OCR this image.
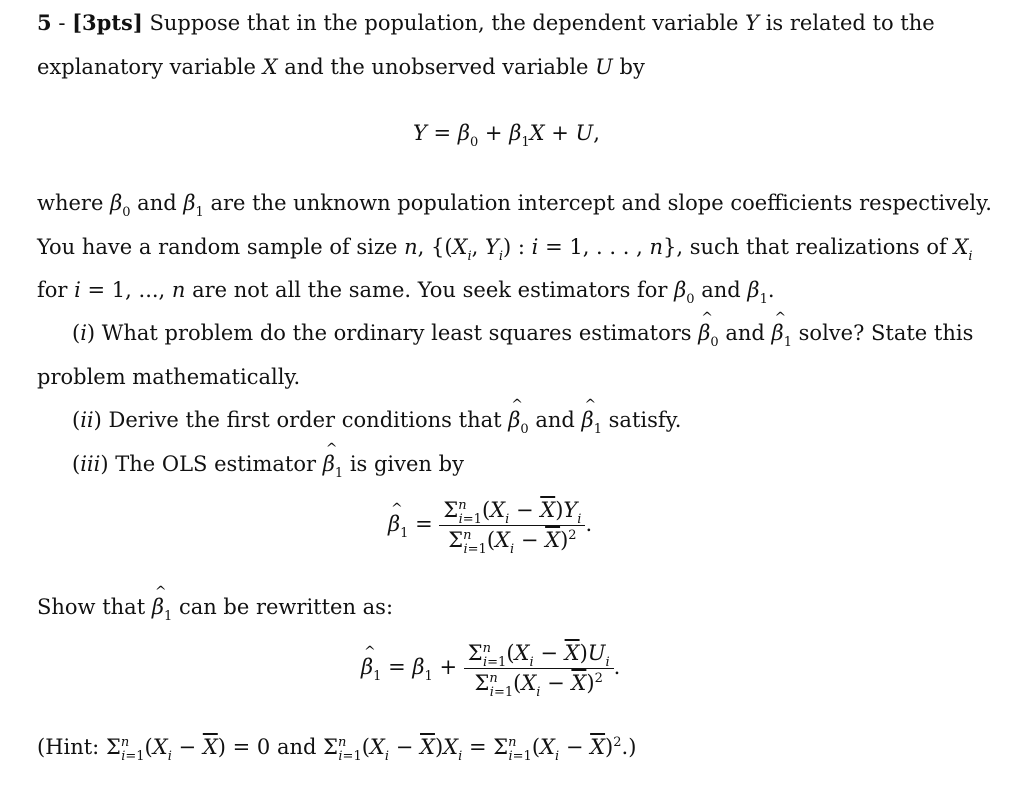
5 - [3pts] Suppose that in the population, the dependent variable Y is related to the
explanatory variable X and the unobserved variable U by
$Y = \beta_0 + \beta_1X + U$,
where $\beta_0$ and $\beta_1$ are the unknown population intercept and slope coefficients respectively.
You have a random sample of size n, {($X_i$, $Y_i$) : i = 1, . . . , n}, such that realizations of $X_i$
for i = 1, ..., n are not all the same. You seek estimators for $\beta_0$ and $\beta_1$.
(i) What problem do the ordinary least squares estimators ^ $\beta_0$ and ^ $\beta_1$ solve? State this
problem mathematically.
(ii) Derive the first order conditions that ^ $\beta_0$ and ^ $\beta_1$ satisfy.
(iii) The OLS estimator ^ $\beta_1$ is given by
^ $\beta_1 = \frac{\Sigma^n_{i=1}(X_i - \overline{X})Y_i}{\Sigma^n_{i=1}(X_i - \overline{X})^2}$ .
Show that ^ $\beta_1$ can be rewritten as:
^ $\beta_1 = \beta_1 + \frac{\Sigma^n_{i=1}(X_i - \overline{X})U_i}{\Sigma^n_{i=1}(X_i - \overline{X})^2}$ .
(Hint: $\Sigma^n_{i=1}(X_i - \overline{X}) = 0$ and $\Sigma^n_{i=1}(X_i - \overline{X})X_i = \Sigma^n_{i=1}(X_i - \overline{X})^2$.)
